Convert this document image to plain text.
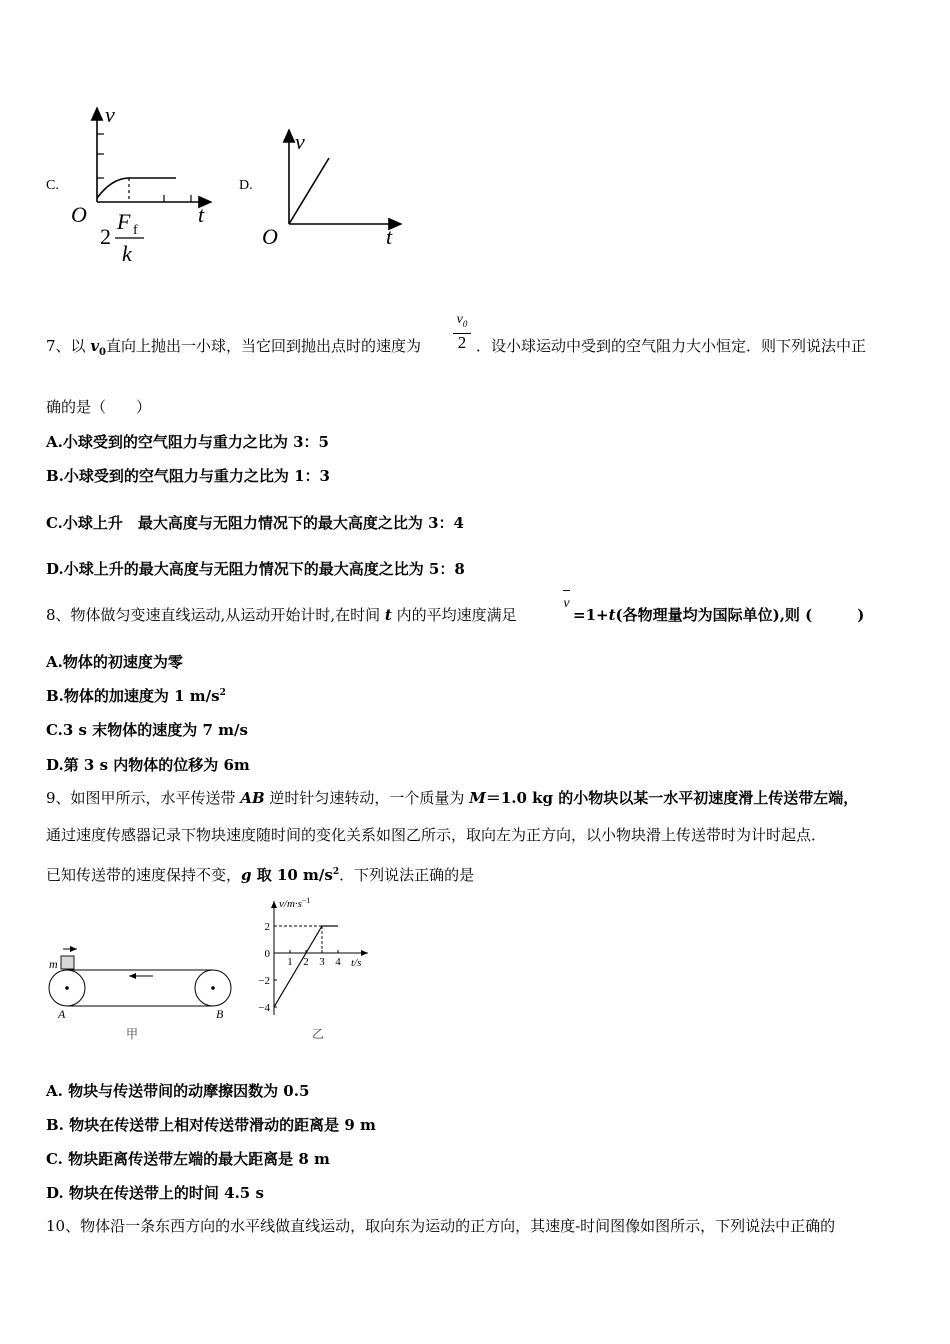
C.
v
O	t
2
F f
k
D.
v
O	t
7、以 $v_0$直向上抛出一小球，当它回到抛出点时的速度为
$v_0$
2 ．设小球运动中受到的空气阻力大小恒定．则下列说法中正
确的是（　　）
A.小球受到的空气阻力与重力之比为 3：5
B.小球受到的空气阻力与重力之比为 1：3
C.小球上升　最大高度与无阻力情况下的最大高度之比为 3：4
D.小球上升的最大高度与无阻力情况下的最大高度之比为 5：8
8、物体做匀变速直线运动,从运动开始计时,在时间 t 内的平均速度满足
v
=1+t(各物理量均为国际单位),则 (　　　)
A.物体的初速度为零
B.物体的加速度为 1 $m/s^2$
C.3 s 末物体的速度为 7 m/s
D.第 3 s 内物体的位移为 6m
9、如图甲所示，水平传送带 AB 逆时针匀速转动，一个质量为 M＝1.0 kg 的小物块以某一水平初速度滑上传送带左端，
通过速度传感器记录下物块速度随时间的变化关系如图乙所示，取向左为正方向，以小物块滑上传送带时为计时起点．
已知传送带的速度保持不变，g 取 10 $m/s^2$．下列说法正确的是
m
A	B
甲
$v/m\cdot s^{-1}$
t/s
2
0
−2
−4
1 2 3 4
乙
A. 物块与传送带间的动摩擦因数为 0.5
B. 物块在传送带上相对传送带滑动的距离是 9 m
C. 物块距离传送带左端的最大距离是 8 m
D. 物块在传送带上的时间 4.5 s
10、物体沿一条东西方向的水平线做直线运动，取向东为运动的正方向，其速度-时间图像如图所示，下列说法中正确的
